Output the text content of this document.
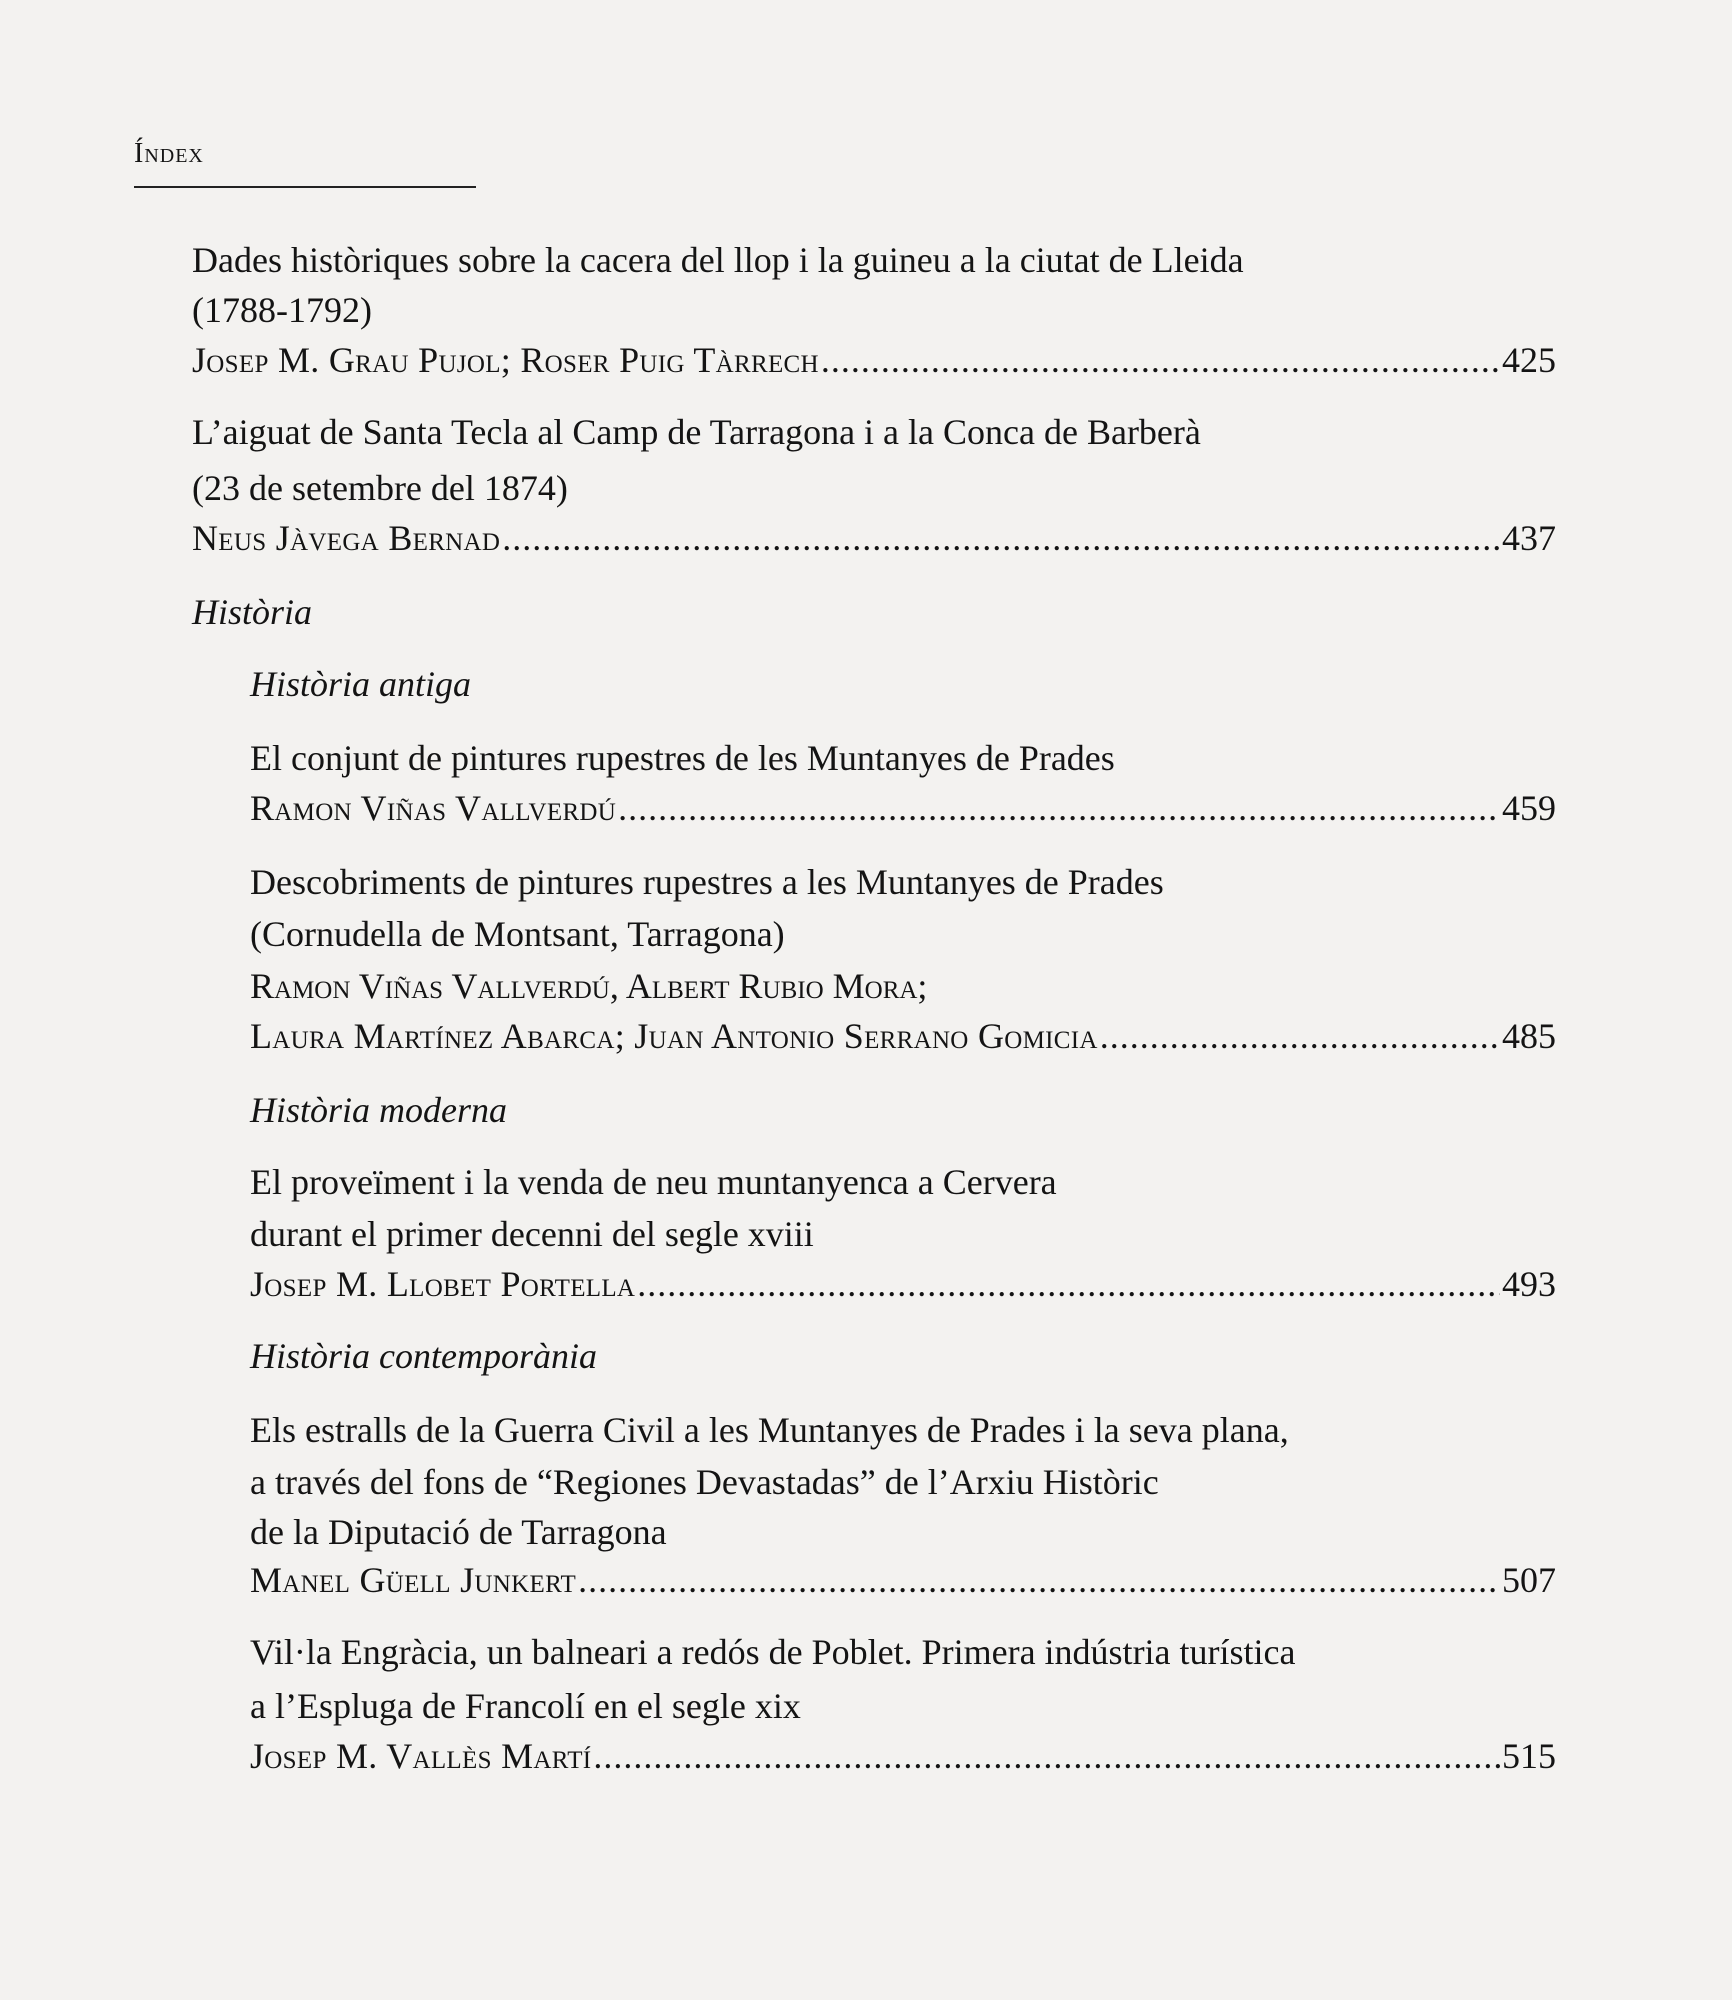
Índex
Dades històriques sobre la cacera del llop i la guineu a la ciutat de Lleida
(1788-1792)
Josep M. Grau Pujol; Roser Puig Tàrrech .....	425
L’aiguat de Santa Tecla al Camp de Tarragona i a la Conca de Barberà
(23 de setembre del 1874)
Neus Jàvega Bernad .....	437
Història
Història antiga
El conjunt de pintures rupestres de les Muntanyes de Prades
Ramon Viñas Vallverdú .....	459
Descobriments de pintures rupestres a les Muntanyes de Prades
(Cornudella de Montsant, Tarragona)
Ramon Viñas Vallverdú, Albert Rubio Mora;
Laura Martínez Abarca; Juan Antonio Serrano Gomicia .....	485
Història moderna
El proveïment i la venda de neu muntanyenca a Cervera
durant el primer decenni del segle xviii
Josep M. Llobet Portella .....	493
Història contemporània
Els estralls de la Guerra Civil a les Muntanyes de Prades i la seva plana,
a través del fons de “Regiones Devastadas” de l’Arxiu Històric
de la Diputació de Tarragona
Manel Güell Junkert .....	507
Vil·la Engràcia, un balneari a redós de Poblet. Primera indústria turística
a l’Espluga de Francolí en el segle xix
Josep M. Vallès Martí .....	515
